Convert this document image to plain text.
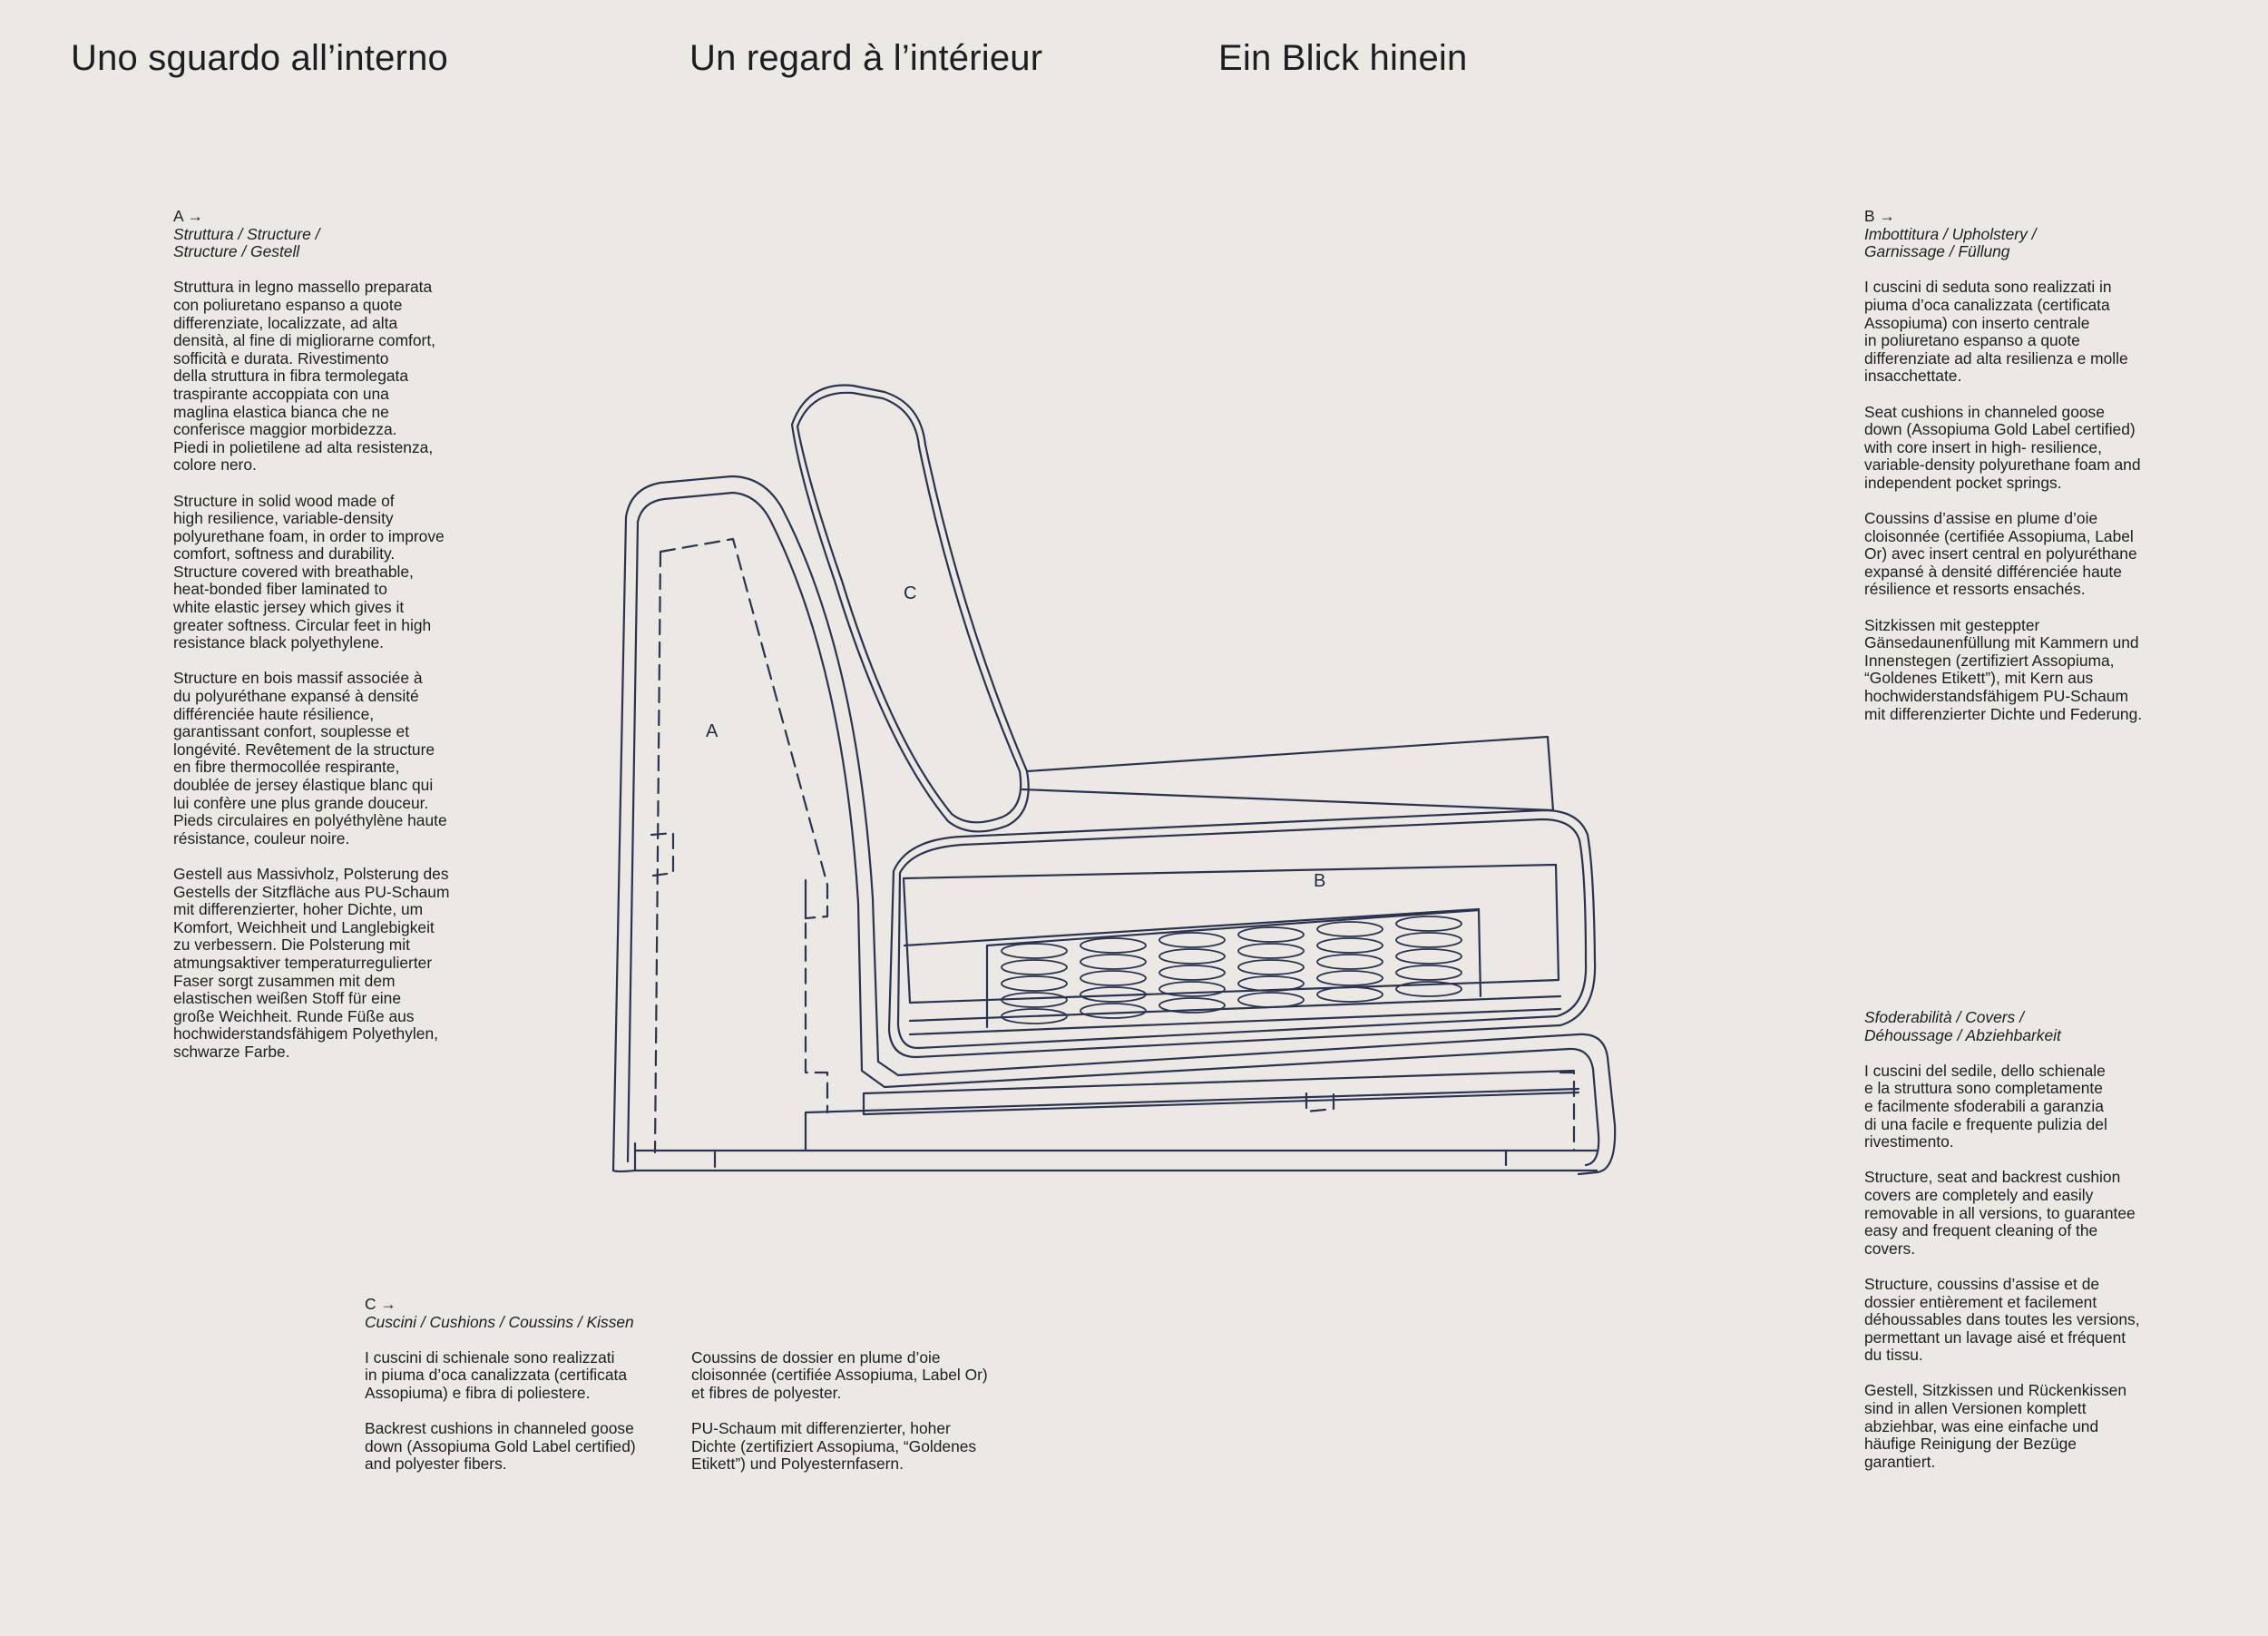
Uno sguardo all’interno	Un regard à l’intérieur	Ein Blick hinein
A →
Struttura / Structure /
Structure / Gestell

Struttura in legno massello preparata
con poliuretano espanso a quote
differenziate, localizzate, ad alta
densità, al fine di migliorarne comfort,
sofficità e durata. Rivestimento
della struttura in fibra termolegata
traspirante accoppiata con una
maglina elastica bianca che ne
conferisce maggior morbidezza.
Piedi in polietilene ad alta resistenza,
colore nero.

Structure in solid wood made of
high resilience, variable-density
polyurethane foam, in order to improve
comfort, softness and durability.
Structure covered with breathable,
heat-bonded fiber laminated to
white elastic jersey which gives it
greater softness. Circular feet in high
resistance black polyethylene.

Structure en bois massif associée à
du polyuréthane expansé à densité
différenciée haute résilience,
garantissant confort, souplesse et
longévité. Revêtement de la structure
en fibre thermocollée respirante,
doublée de jersey élastique blanc qui
lui confère une plus grande douceur.
Pieds circulaires en polyéthylène haute
résistance, couleur noire.

Gestell aus Massivholz, Polsterung des
Gestells der Sitzfläche aus PU-Schaum
mit differenzierter, hoher Dichte, um
Komfort, Weichheit und Langlebigkeit
zu verbessern. Die Polsterung mit
atmungsaktiver temperaturregulierter
Faser sorgt zusammen mit dem
elastischen weißen Stoff für eine
große Weichheit. Runde Füße aus
hochwiderstandsfähigem Polyethylen,
schwarze Farbe.

B →
Imbottitura / Upholstery /
Garnissage / Füllung

I cuscini di seduta sono realizzati in
piuma d’oca canalizzata (certificata
Assopiuma) con inserto centrale
in poliuretano espanso a quote
differenziate ad alta resilienza e molle
insacchettate.

Seat cushions in channeled goose
down (Assopiuma Gold Label certified)
with core insert in high- resilience,
variable-density polyurethane foam and
independent pocket springs.

Coussins d’assise en plume d’oie
cloisonnée (certifiée Assopiuma, Label
Or) avec insert central en polyuréthane
expansé à densité différenciée haute
résilience et ressorts ensachés.

Sitzkissen mit gesteppter
Gänsedaunenfüllung mit Kammern und
Innenstegen (zertifiziert Assopiuma,
“Goldenes Etikett”), mit Kern aus
hochwiderstandsfähigem PU-Schaum
mit differenzierter Dichte und Federung.

Sfoderabilità / Covers /
Déhoussage / Abziehbarkeit

I cuscini del sedile, dello schienale
e la struttura sono completamente
e facilmente sfoderabili a garanzia
di una facile e frequente pulizia del
rivestimento.

Structure, seat and backrest cushion
covers are completely and easily
removable in all versions, to guarantee
easy and frequent cleaning of the
covers.

Structure, coussins d’assise et de
dossier entièrement et facilement
déhoussables dans toutes les versions,
permettant un lavage aisé et fréquent
du tissu.

Gestell, Sitzkissen und Rückenkissen
sind in allen Versionen komplett
abziehbar, was eine einfache und
häufige Reinigung der Bezüge
garantiert.

C →
Cuscini / Cushions / Coussins / Kissen

I cuscini di schienale sono realizzati
in piuma d’oca canalizzata (certificata
Assopiuma) e fibra di poliestere.

Backrest cushions in channeled goose
down (Assopiuma Gold Label certified)
and polyester fibers.

Coussins de dossier en plume d’oie
cloisonnée (certifiée Assopiuma, Label Or)
et fibres de polyester.

PU-Schaum mit differenzierter, hoher
Dichte (zertifiziert Assopiuma, “Goldenes
Etikett”) und Polyesternfasern.

A
B
C
